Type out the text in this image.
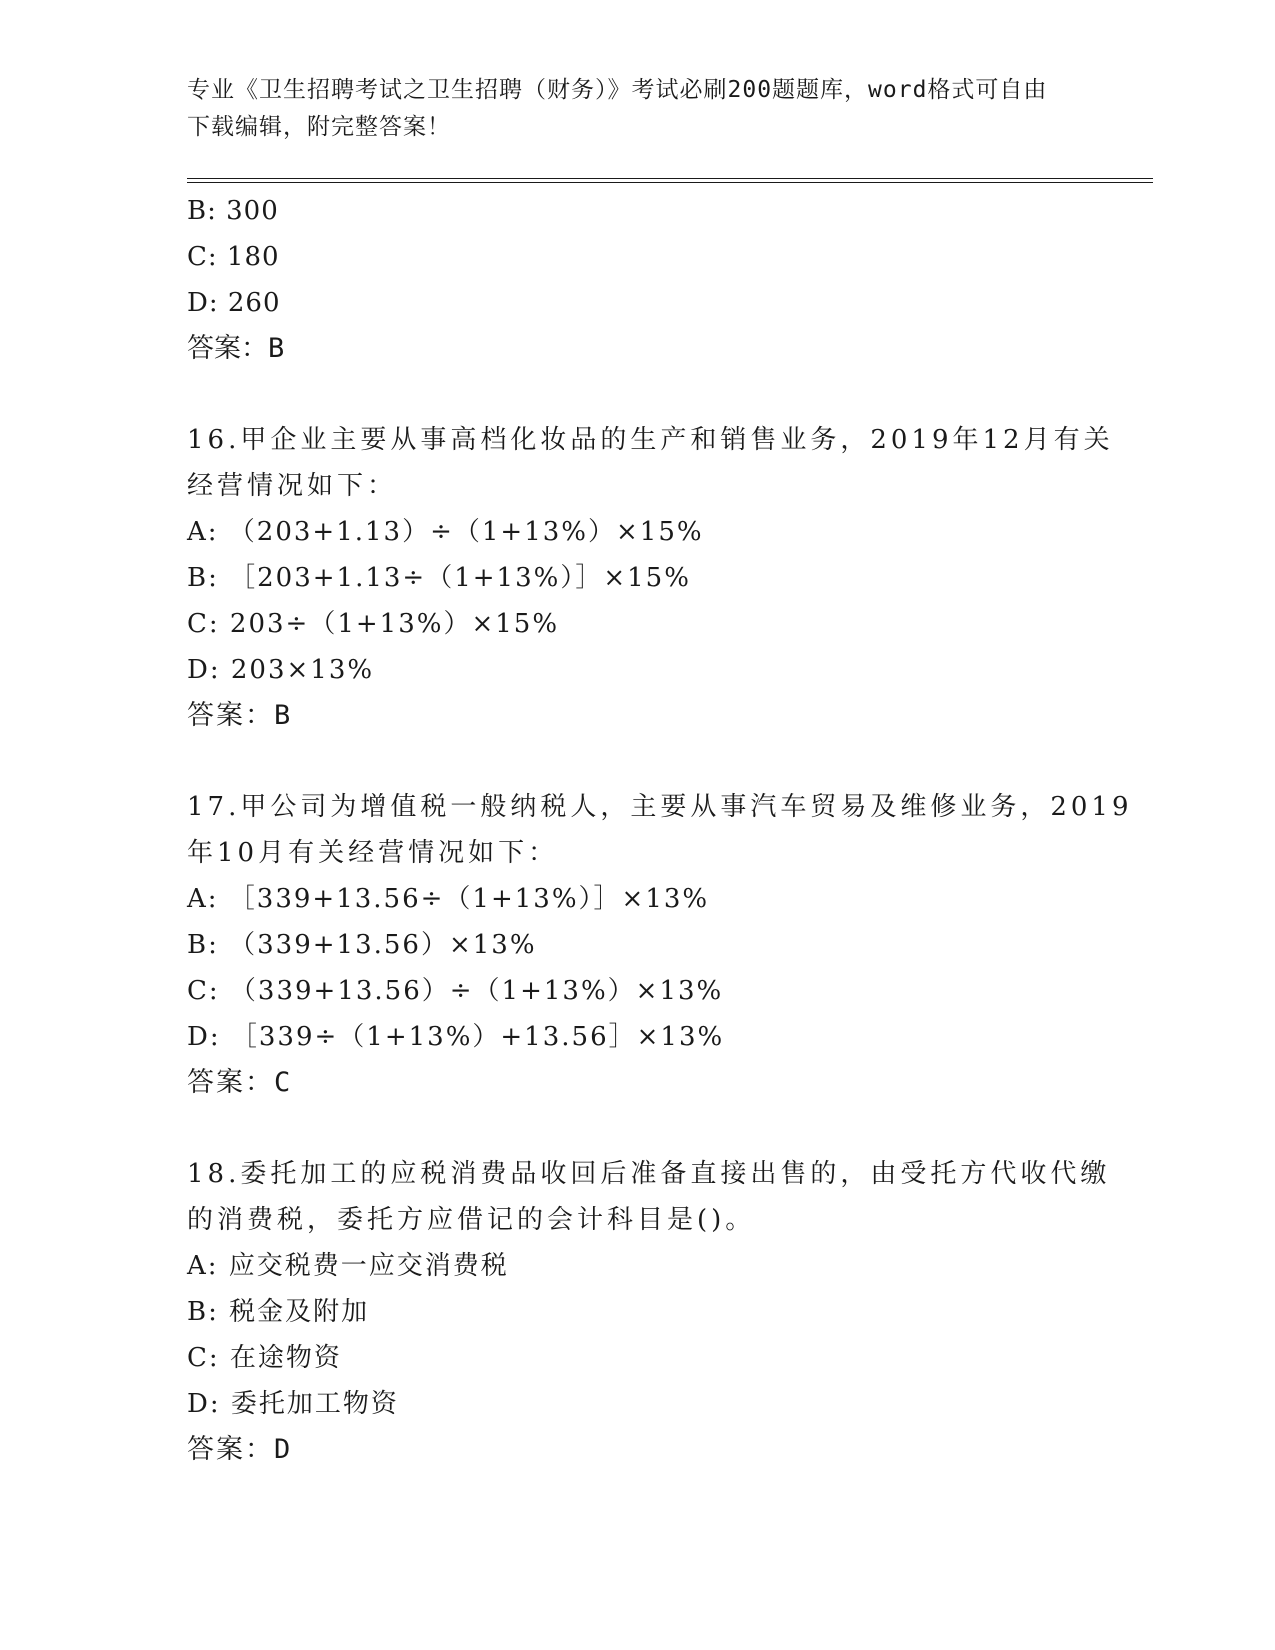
专业《卫生招聘考试之卫生招聘（财务）》考试必刷200题题库，word格式可自由下载编辑，附完整答案！
B: 300
C: 180
D: 260
答案：B
16.甲企业主要从事高档化妆品的生产和销售业务，2019年12月有关
经营情况如下：
A: （203+1.13）÷（1+13%）×15%
B: ［203+1.13÷（1+13%）］×15%
C: 203÷（1+13%）×15%
D: 203×13%
答案：B
17.甲公司为增值税一般纳税人，主要从事汽车贸易及维修业务，2019
年10月有关经营情况如下：
A: ［339+13.56÷（1+13%）］×13%
B: （339+13.56）×13%
C: （339+13.56）÷（1+13%）×13%
D: ［339÷（1+13%）+13.56］×13%
答案：C
18.委托加工的应税消费品收回后准备直接出售的，由受托方代收代缴
的消费税，委托方应借记的会计科目是()。
A: 应交税费一应交消费税
B: 税金及附加
C: 在途物资
D: 委托加工物资
答案：D
